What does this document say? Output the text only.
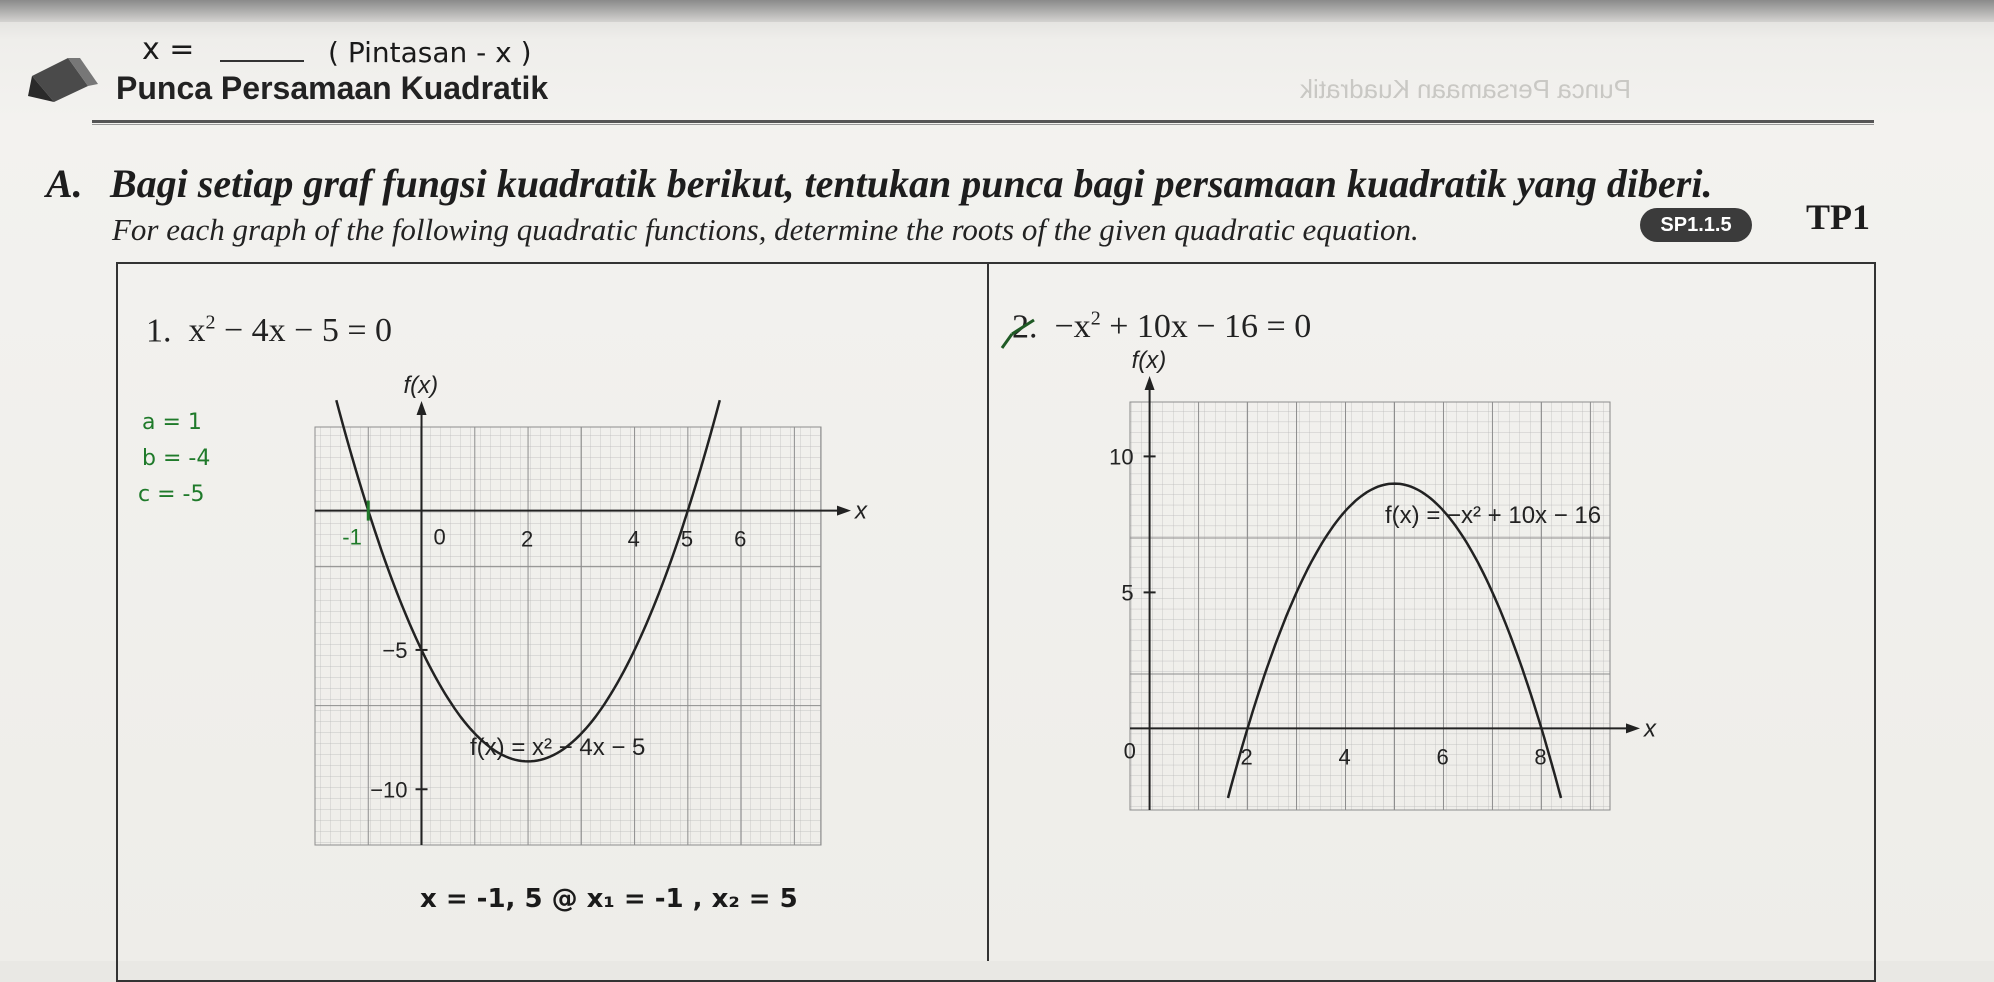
x =	( Pintasan - x )
Punca Persamaan Kuadratik	Punca Persamaan Kuadratik
A. Bagi setiap graf fungsi kuadratik berikut, tentukan punca bagi persamaan kuadratik yang diberi.
For each graph of the following quadratic functions, determine the roots of the given quadratic equation.	SP1.1.5	TP1
1. $x^2 - 4x - 5 = 0$	2. $-x^2 + 10x - 16 = 0$
a = 1
b = -4
c = -5
f(x)
x
0	2	4 5 6
−5
−10
-1
f(x) = x² − 4x − 5
f(x)
x
0	2	4	6	8
10
5
f(x) = −x² + 10x − 16
x = -1, 5 @ x₁ = -1 , x₂ = 5
